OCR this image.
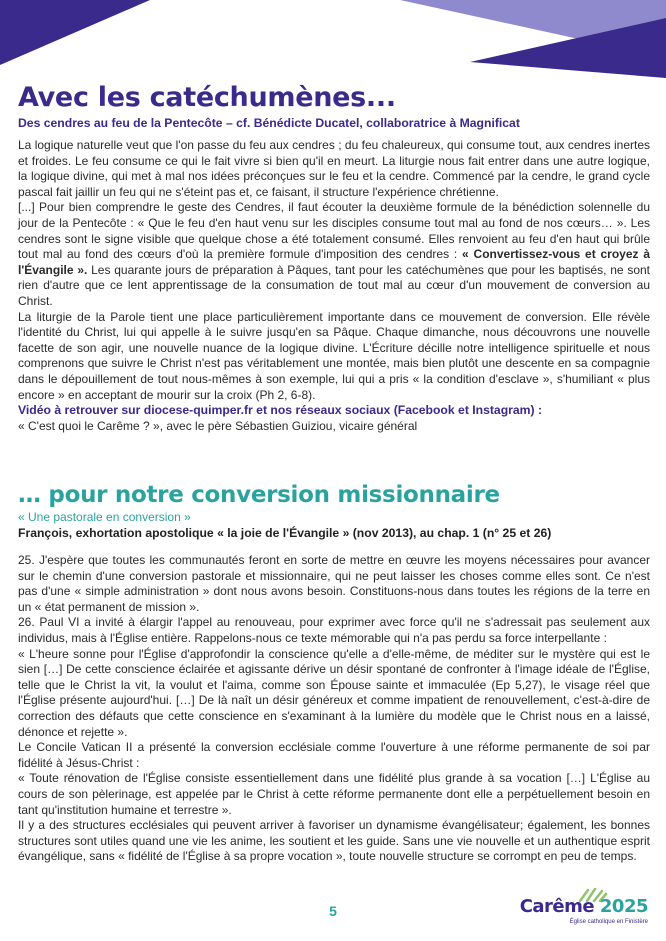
Avec les catéchumènes...
Des cendres au feu de la Pentecôte – cf. Bénédicte Ducatel, collaboratrice à Magnificat

La logique naturelle veut que l'on passe du feu aux cendres ; du feu chaleureux, qui consume tout, aux cendres inertes et froides. Le feu consume ce qui le fait vivre si bien qu'il en meurt. La liturgie nous fait entrer dans une autre logique, la logique divine, qui met à mal nos idées préconçues sur le feu et la cendre. Commencé par la cendre, le grand cycle pascal fait jaillir un feu qui ne s'éteint pas et, ce faisant, il structure l'expérience chrétienne.

[...] Pour bien comprendre le geste des Cendres, il faut écouter la deuxième formule de la bénédiction solennelle du jour de la Pentecôte : « Que le feu d'en haut venu sur les disciples consume tout mal au fond de nos cœurs… ». Les cendres sont le signe visible que quelque chose a été totalement consumé. Elles renvoient au feu d'en haut qui brûle tout mal au fond des cœurs d'où la première formule d'imposition des cendres : « Convertissez-vous et croyez à l'Évangile ». Les quarante jours de préparation à Pâques, tant pour les catéchumènes que pour les baptisés, ne sont rien d'autre que ce lent apprentissage de la consumation de tout mal au cœur d'un mouvement de conversion au Christ.

La liturgie de la Parole tient une place particulièrement importante dans ce mouvement de conversion. Elle révèle l'identité du Christ, lui qui appelle à le suivre jusqu'en sa Pâque. Chaque dimanche, nous découvrons une nouvelle facette de son agir, une nouvelle nuance de la logique divine. L'Écriture décille notre intelligence spirituelle et nous comprenons que suivre le Christ n'est pas véritablement une montée, mais bien plutôt une descente en sa compagnie dans le dépouillement de tout nous-mêmes à son exemple, lui qui a pris « la condition d'esclave », s'humiliant « plus encore » en acceptant de mourir sur la croix (Ph 2, 6-8).

Vidéo à retrouver sur diocese-quimper.fr et nos réseaux sociaux (Facebook et Instagram) :
« C'est quoi le Carême ? », avec le père Sébastien Guiziou, vicaire général
… pour notre conversion missionnaire
« Une pastorale en conversion »
François, exhortation apostolique « la joie de l'Évangile » (nov 2013), au chap. 1 (n° 25 et 26)

25. J'espère que toutes les communautés feront en sorte de mettre en œuvre les moyens nécessaires pour avancer sur le chemin d'une conversion pastorale et missionnaire, qui ne peut laisser les choses comme elles sont. Ce n'est pas d'une « simple administration » dont nous avons besoin. Constituons-nous dans toutes les régions de la terre en un « état permanent de mission ».

26. Paul VI a invité à élargir l'appel au renouveau, pour exprimer avec force qu'il ne s'adressait pas seulement aux individus, mais à l'Église entière. Rappelons-nous ce texte mémorable qui n'a pas perdu sa force interpellante :

« L'heure sonne pour l'Église d'approfondir la conscience qu'elle a d'elle-même, de méditer sur le mystère qui est le sien […] De cette conscience éclairée et agissante dérive un désir spontané de confronter à l'image idéale de l'Église, telle que le Christ la vit, la voulut et l'aima, comme son Épouse sainte et immaculée (Ep 5,27), le visage réel que l'Église présente aujourd'hui. […] De là naît un désir généreux et comme impatient de renouvellement, c'est-à-dire de correction des défauts que cette conscience en s'examinant à la lumière du modèle que le Christ nous en a laissé, dénonce et rejette ».

Le Concile Vatican II a présenté la conversion ecclésiale comme l'ouverture à une réforme permanente de soi par fidélité à Jésus-Christ :

« Toute rénovation de l'Église consiste essentiellement dans une fidélité plus grande à sa vocation […] L'Église au cours de son pèlerinage, est appelée par le Christ à cette réforme permanente dont elle a perpétuellement besoin en tant qu'institution humaine et terrestre ».

Il y a des structures ecclésiales qui peuvent arriver à favoriser un dynamisme évangélisateur; également, les bonnes structures sont utiles quand une vie les anime, les soutient et les guide. Sans une vie nouvelle et un authentique esprit évangélique, sans « fidélité de l'Église à sa propre vocation », toute nouvelle structure se corrompt en peu de temps.

5	Carême 2025
Église catholique en Finistère
